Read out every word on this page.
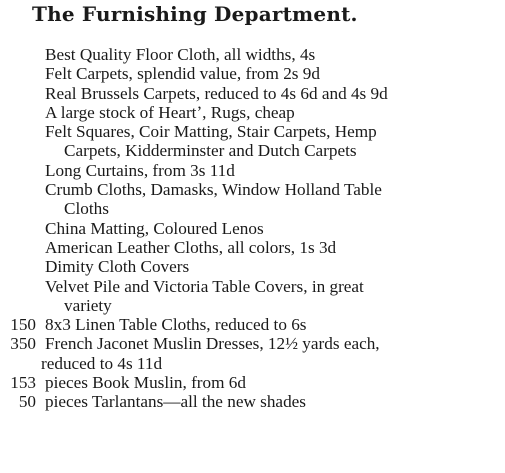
The Furnishing Department.
Best Quality Floor Cloth, all widths, 4s
Felt Carpets, splendid value, from 2s 9d
Real Brussels Carpets, reduced to 4s 6d and 4s 9d
A large stock of Heartʼ, Rugs, cheap
Felt Squares, Coir Matting, Stair Carpets, Hemp
Carpets, Kidderminster and Dutch Carpets
Long Curtains, from 3s 11d
Crumb Cloths, Damasks, Window Holland Table
Cloths
China Matting, Coloured Lenos
American Leather Cloths, all colors, 1s 3d
Dimity Cloth Covers
Velvet Pile and Victoria Table Covers, in great
variety
150 8x3 Linen Table Cloths, reduced to 6s
350 French Jaconet Muslin Dresses, 12½ yards each,
reduced to 4s 11d
153 pieces Book Muslin, from 6d
50 pieces Tarlantans—all the new shades
